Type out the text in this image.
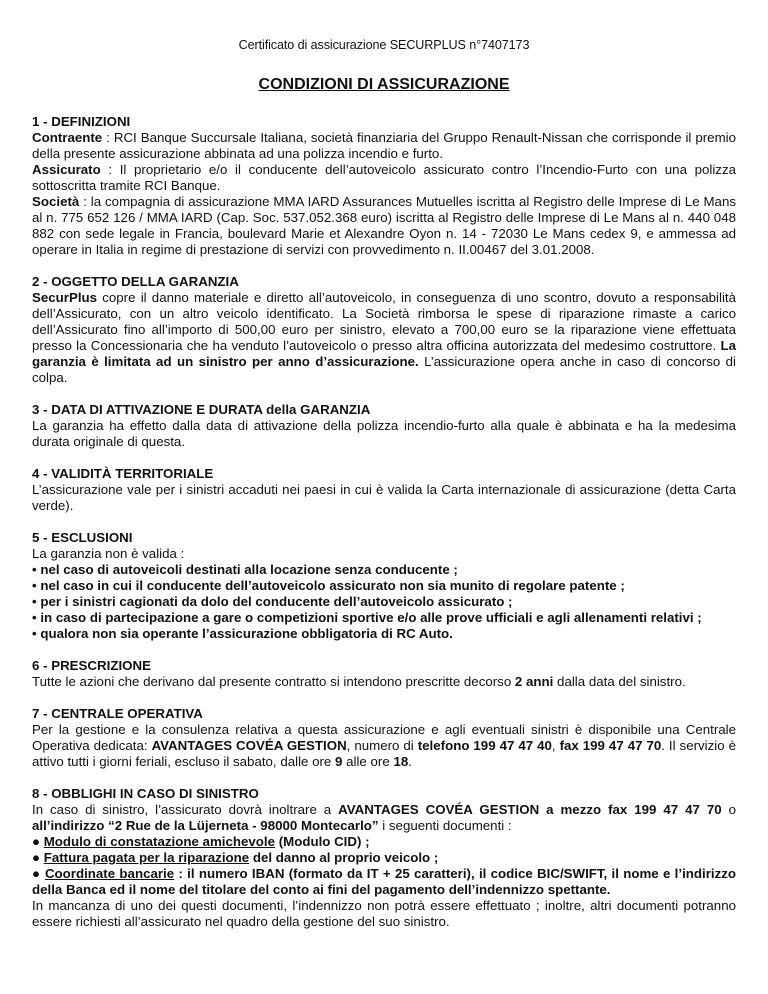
Certificato di assicurazione SECURPLUS n°7407173
CONDIZIONI DI ASSICURAZIONE
1 - DEFINIZIONI

Contraente : RCI Banque Succursale Italiana, società finanziaria del Gruppo Renault-Nissan che corrisponde il premio della presente assicurazione abbinata ad una polizza incendio e furto.

Assicurato : Il proprietario e/o il conducente dell’autoveicolo assicurato contro l’Incendio-Furto con una polizza sottoscritta tramite RCI Banque.

Società : la compagnia di assicurazione MMA IARD Assurances Mutuelles iscritta al Registro delle Imprese di Le Mans al n. 775 652 126 / MMA IARD (Cap. Soc. 537.052.368 euro) iscritta al Registro delle Imprese di Le Mans al n. 440 048 882 con sede legale in Francia, boulevard Marie et Alexandre Oyon n. 14 - 72030 Le Mans cedex 9, e ammessa ad operare in Italia in regime di prestazione di servizi con provvedimento n. II.00467 del 3.01.2008.

2 - OGGETTO DELLA GARANZIA

SecurPlus copre il danno materiale e diretto all’autoveicolo, in conseguenza di uno scontro, dovuto a responsabilità dell’Assicurato, con un altro veicolo identificato. La Società rimborsa le spese di riparazione rimaste a carico dell’Assicurato fino all’importo di 500,00 euro per sinistro, elevato a 700,00 euro se la riparazione viene effettuata presso la Concessionaria che ha venduto l’autoveicolo o presso altra officina autorizzata del medesimo costruttore. La garanzia è limitata ad un sinistro per anno d’assicurazione. L’assicurazione opera anche in caso di concorso di colpa.

3 - DATA DI ATTIVAZIONE E DURATA della GARANZIA

La garanzia ha effetto dalla data di attivazione della polizza incendio-furto alla quale è abbinata e ha la medesima durata originale di questa.

4 - VALIDITÀ TERRITORIALE

L’assicurazione vale per i sinistri accaduti nei paesi in cui è valida la Carta internazionale di assicurazione (detta Carta verde).

5 - ESCLUSIONI

La garanzia non è valida :

• nel caso di autoveicoli destinati alla locazione senza conducente ;

• nel caso in cui il conducente dell’autoveicolo assicurato non sia munito di regolare patente ;

• per i sinistri cagionati da dolo del conducente dell’autoveicolo assicurato ;

• in caso di partecipazione a gare o competizioni sportive e/o alle prove ufficiali e agli allenamenti relativi ;

• qualora non sia operante l’assicurazione obbligatoria di RC Auto.

6 - PRESCRIZIONE

Tutte le azioni che derivano dal presente contratto si intendono prescritte decorso 2 anni dalla data del sinistro.

7 - CENTRALE OPERATIVA

Per la gestione e la consulenza relativa a questa assicurazione e agli eventuali sinistri è disponibile una Centrale Operativa dedicata: AVANTAGES COVÉA GESTION, numero di telefono 199 47 47 40, fax 199 47 47 70. Il servizio è attivo tutti i giorni feriali, escluso il sabato, dalle ore 9 alle ore 18.

8 - OBBLIGHI IN CASO DI SINISTRO

In caso di sinistro, l’assicurato dovrà inoltrare a AVANTAGES COVÉA GESTION a mezzo fax 199 47 47 70 o all’indirizzo “2 Rue de la Lüjerneta - 98000 Montecarlo” i seguenti documenti :

● Modulo di constatazione amichevole (Modulo CID) ;

● Fattura pagata per la riparazione del danno al proprio veicolo ;

● Coordinate bancarie : il numero IBAN (formato da IT + 25 caratteri), il codice BIC/SWIFT, il nome e l’indirizzo della Banca ed il nome del titolare del conto ai fini del pagamento dell’indennizzo spettante.

In mancanza di uno dei questi documenti, l’indennizzo non potrà essere effettuato ; inoltre, altri documenti potranno essere richiesti all’assicurato nel quadro della gestione del suo sinistro.
